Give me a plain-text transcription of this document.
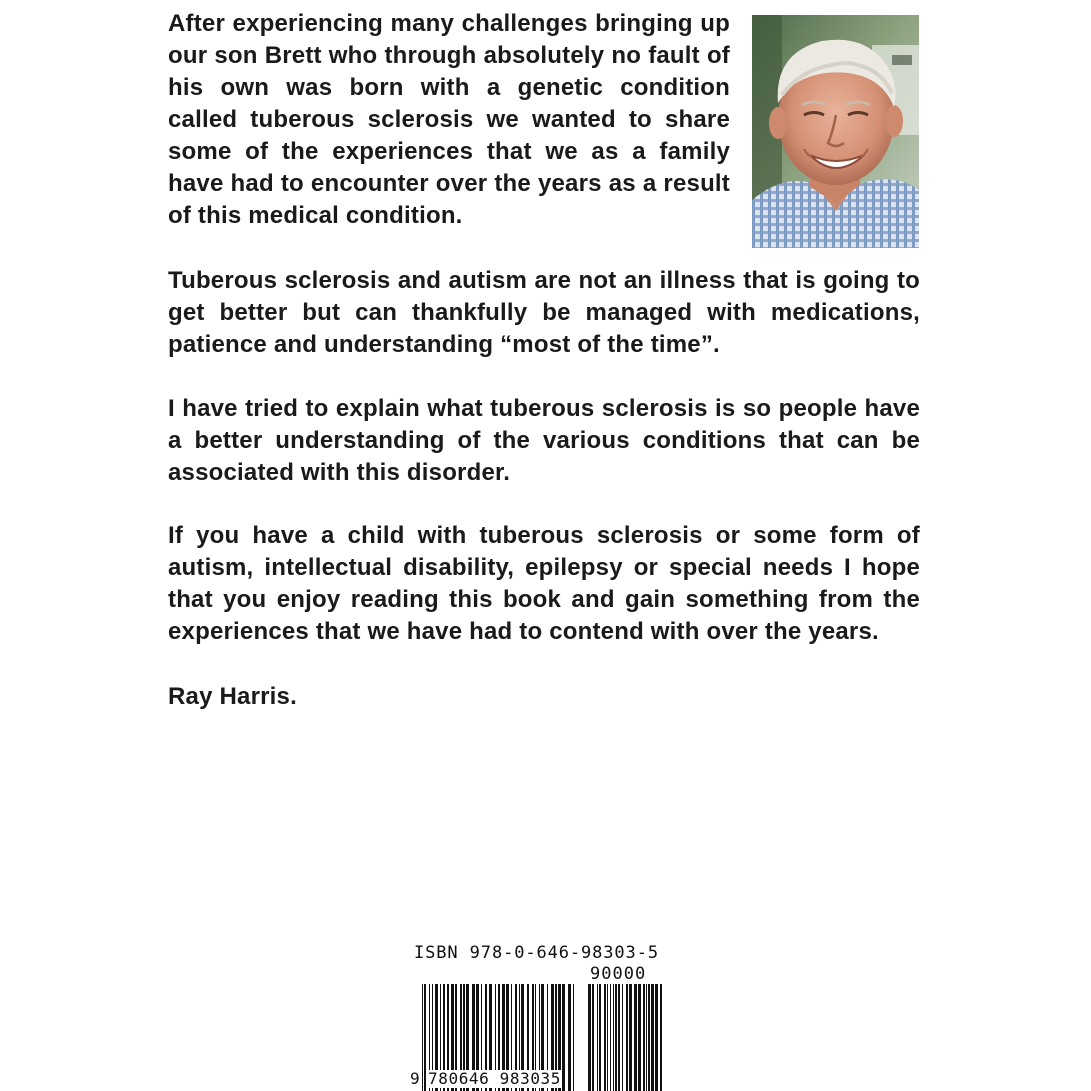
After experiencing many challenges bringing up our son Brett who through absolutely no fault of his own was born with a genetic condition called tuberous sclerosis we wanted to share some of the experiences that we as a family have had to encounter over the years as a result of this medical condition.

Tuberous sclerosis and autism are not an illness that is going to get better but can thankfully be managed with medications, patience and understanding “most of the time”.

I have tried to explain what tuberous sclerosis is so people have a better understanding of the various conditions that can be associated with this disorder.

If you have a child with tuberous sclerosis or some form of autism, intellectual disability, epilepsy or special needs I hope that you enjoy reading this book and gain something from the experiences that we have had to contend with over the years.

Ray Harris.

ISBN 978-0-646-98303-5
90000
9 780646 983035
